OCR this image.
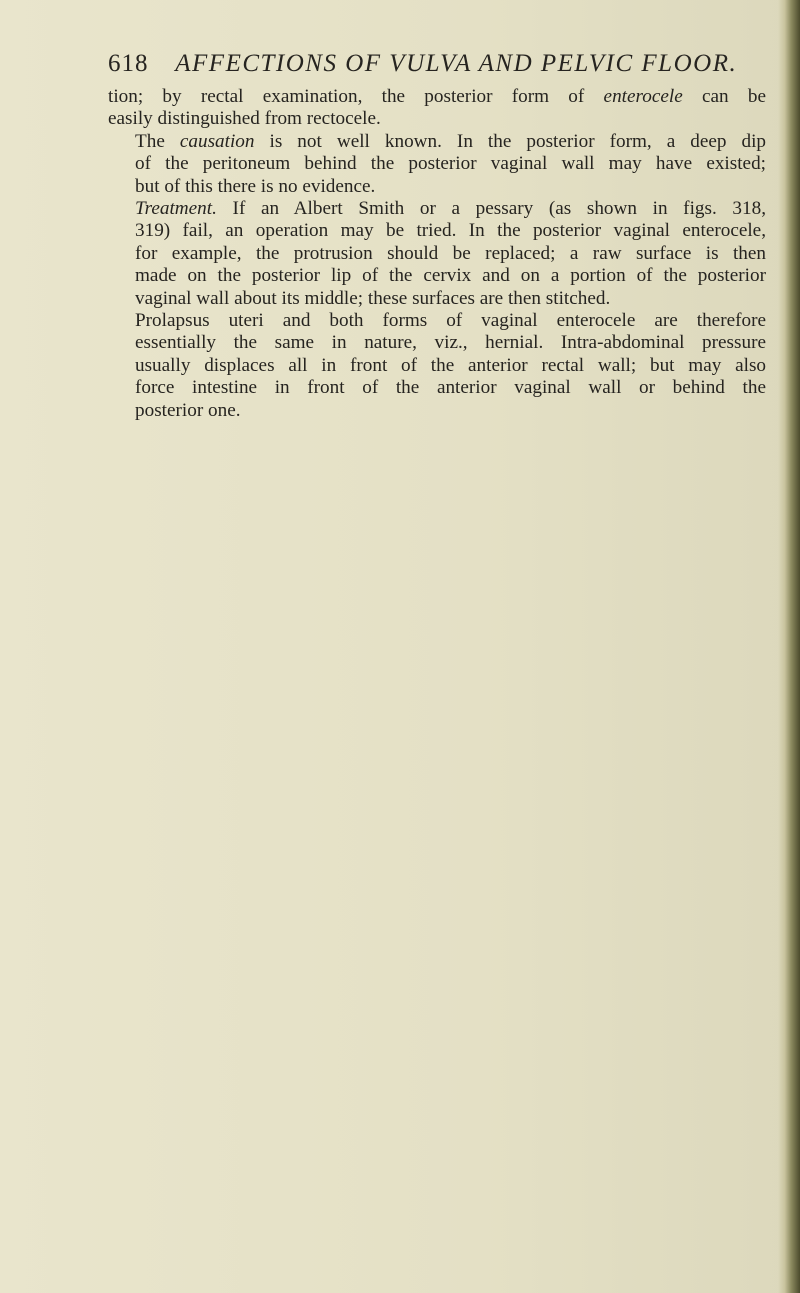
6⁠18 AFFECTIONS OF VULVA AND PELVIC FLOOR.

tion; by rectal examination, the posterior form of enterocele can be
easily distinguished from rectocele.

The causation is not well known. In the posterior form, a deep dip
of the peritoneum behind the posterior vaginal wall may have existed;
but of this there is no evidence.

Treatment. If an Albert Smith or a pessary (as shown in figs. 318,
319) fail, an operation may be tried. In the posterior vaginal enterocele,
for example, the protrusion should be replaced; a raw surface is then
made on the posterior lip of the cervix and on a portion of the posterior
vaginal wall about its middle; these surfaces are then stitched.

Prolapsus uteri and both forms of vaginal enterocele are therefore
essentially the same in nature, viz., hernial. Intra-abdominal pressure
usually displaces all in front of the anterior rectal wall; but may also
force intestine in front of the anterior vaginal wall or behind the
posterior one.
